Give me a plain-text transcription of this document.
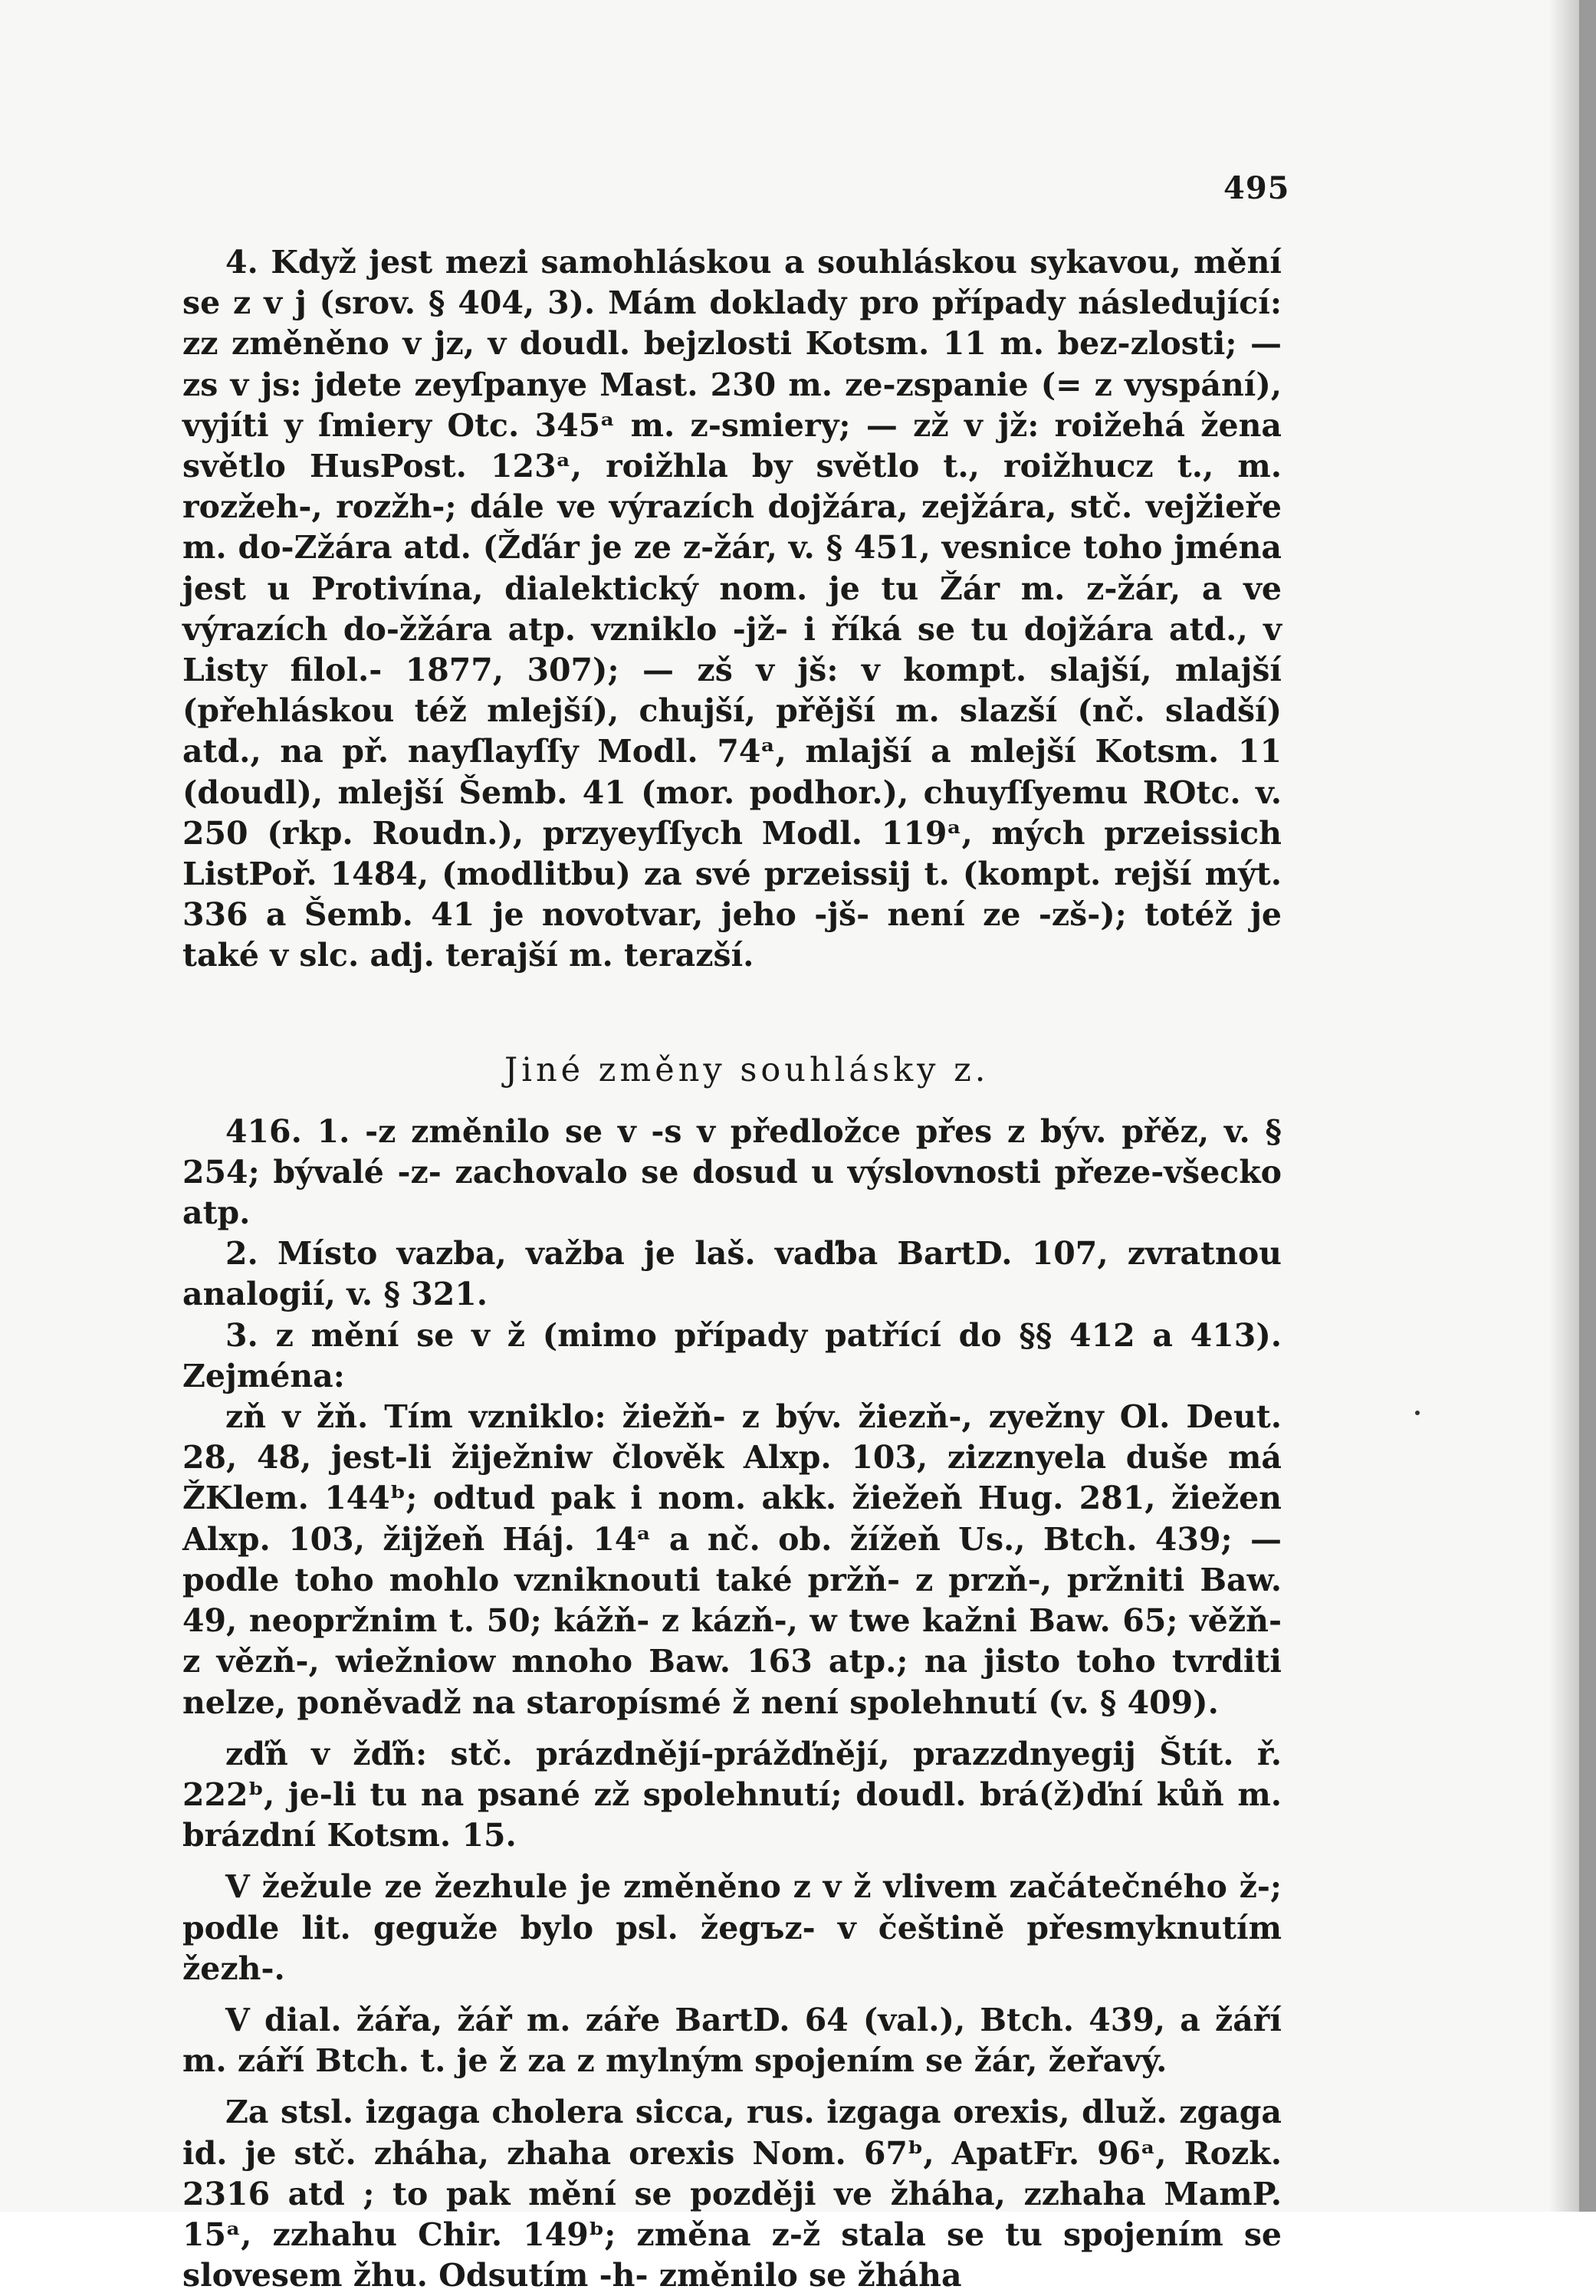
495

4. Když jest mezi samohláskou a souhláskou sykavou, mění se z v j (srov. § 404, 3). Mám doklady pro případy následující: zz změněno v jz, v doudl. bejzlosti Kotsm. 11 m. bez-zlosti; — zs v js: jdete zeyſpanye Mast. 230 m. ze-zspanie (= z vyspání), vyjíti y ſmiery Otc. 345ᵃ m. z-smiery; — zž v jž: roižehá žena světlo HusPost. 123ᵃ, roižhla by světlo t., roižhucz t., m. rozžeh-, rozžh-; dále ve výrazích dojžára, zejžára, stč. vejžieře m. do-Zžára atd. (Žďár je ze z-žár, v. § 451, vesnice toho jména jest u Protivína, dialektický nom. je tu Žár m. z-žár, a ve výrazích do-žžára atp. vzniklo -jž- i říká se tu dojžára atd., v Listy filol.- 1877, 307); — zš v jš: v kompt. slajší, mlajší (přehláskou též mlejší), chujší, přější m. slazší (nč. sladší) atd., na př. nayſlayſſy Modl. 74ᵃ, mlajší a mlejší Kotsm. 11 (doudl), mlejší Šemb. 41 (mor. podhor.), chuyſſyemu ROtc. v. 250 (rkp. Roudn.), przyeyſſych Modl. 119ᵃ, mých przeissich ListPoř. 1484, (modlitbu) za své przeissij t. (kompt. rejší mýt. 336 a Šemb. 41 je novotvar, jeho -jš- není ze -zš-); totéž je také v slc. adj. terajší m. terazší.

Jiné změny souhlásky z.

416. 1. -z změnilo se v -s v předložce přes z býv. přěz, v. § 254; bývalé -z- zachovalo se dosud u výslovnosti přeze-všecko atp.

2. Místo vazba, važba je laš. vaďba BartD. 107, zvratnou analogií, v. § 321.

3. z mění se v ž (mimo případy patřící do §§ 412 a 413). Zejména:

zň v žň. Tím vzniklo: žiežň- z býv. žiezň-, zyežny Ol. Deut. 28, 48, jest-li žiježniw člověk Alxp. 103, zizznyela duše má ŽKlem. 144ᵇ; odtud pak i nom. akk. žiežeň Hug. 281, žiežen Alxp. 103, žijžeň Háj. 14ᵃ a nč. ob. žížeň Us., Btch. 439; — podle toho mohlo vzniknouti také pržň- z przň-, pržniti Baw. 49, neopržnim t. 50; kážň- z kázň-, w twe kažni Baw. 65; věžň- z vězň-, wiežniow mnoho Baw. 163 atp.; na jisto toho tvrditi nelze, poněvadž na staropísmé ž není spolehnutí (v. § 409).

zďň v žďň: stč. prázdnějí-prážďnějí, prazzdnyegij Štít. ř. 222ᵇ, je-li tu na psané zž spolehnutí; doudl. brá(ž)ďní kůň m. brázdní Kotsm. 15.

V žežule ze žezhule je změněno z v ž vlivem začátečného ž-; podle lit. geguže bylo psl. žegъz- v češtině přesmyknutím žezh-.

V dial. žářa, žář m. záře BartD. 64 (val.), Btch. 439, a žáří m. září Btch. t. je ž za z mylným spojením se žár, žeřavý.

Za stsl. izgaga cholera sicca, rus. izgaga orexis, dluž. zgaga id. je stč. zháha, zhaha orexis Nom. 67ᵇ, ApatFr. 96ᵃ, Rozk. 2316 atd ; to pak mění se později ve žháha, zzhaha MamP. 15ᵃ, zzhahu Chir. 149ᵇ; změna z-ž stala se tu spojením se slovesem žhu. Odsutím -h- změnilo se žháha
